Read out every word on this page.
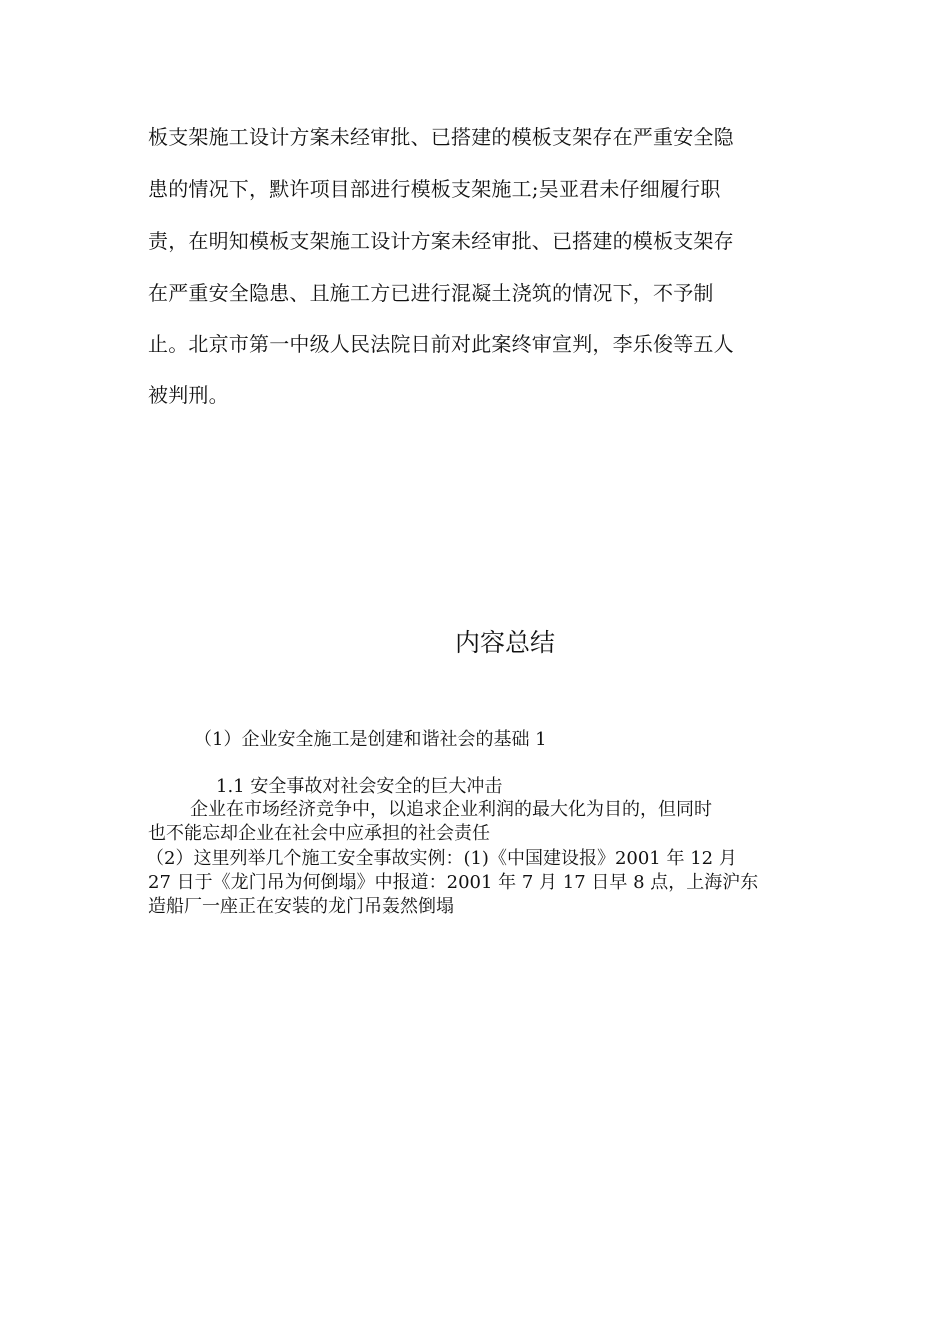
板支架施工设计方案未经审批、已搭建的模板支架存在严重安全隐
患的情况下，默许项目部进行模板支架施工;吴亚君未仔细履行职
责，在明知模板支架施工设计方案未经审批、已搭建的模板支架存
在严重安全隐患、且施工方已进行混凝土浇筑的情况下，不予制
止。北京市第一中级人民法院日前对此案终审宣判，李乐俊等五人
被判刑。
内容总结
（1）企业安全施工是创建和谐社会的基础 1
1.1 安全事故对社会安全的巨大冲击
企业在市场经济竞争中，以追求企业利润的最大化为目的，但同时
也不能忘却企业在社会中应承担的社会责任
（2）这里列举几个施工安全事故实例：(1)《中国建设报》2001 年 12 月
27 日于《龙门吊为何倒塌》中报道：2001 年 7 月 17 日早 8 点，上海沪东
造船厂一座正在安装的龙门吊轰然倒塌
